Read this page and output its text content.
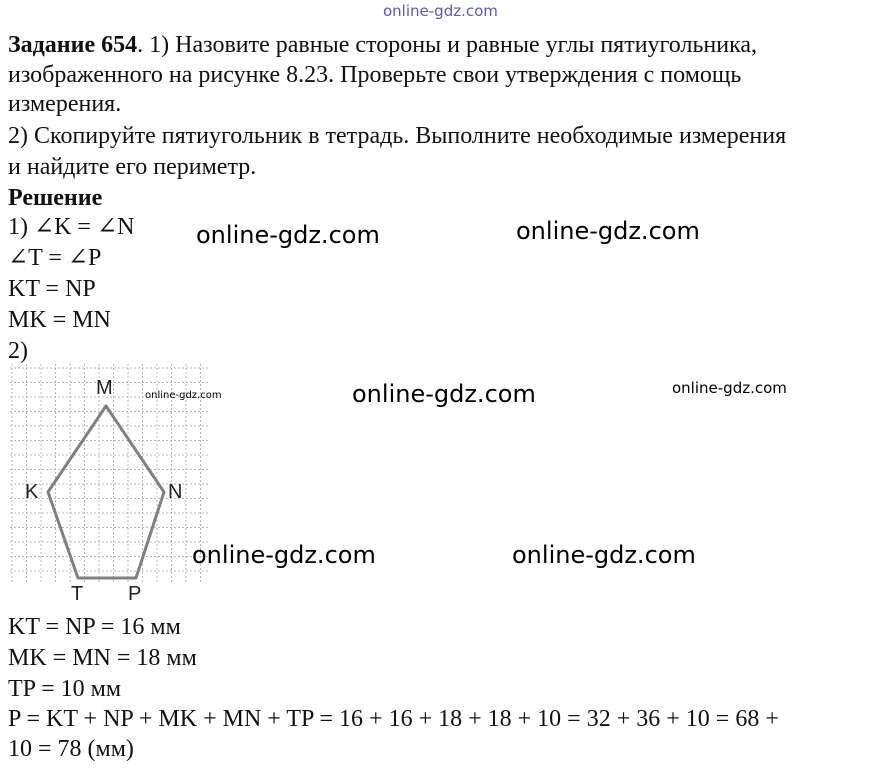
online-gdz.com
Задание 654. 1) Назовите равные стороны и равные углы пятиугольника,
изображенного на рисунке 8.23. Проверьте свои утверждения с помощь
измерения.
2) Скопируйте пятиугольник в тетрадь. Выполните необходимые измерения
и найдите его периметр.
Решение
1) ∠K = ∠N
∠T = ∠P
KT = NP
MK = MN
2)
M
K	N
T P
KT = NP = 16 мм
MK = MN = 18 мм
TP = 10 мм
P = KT + NP + MK + MN + TP = 16 + 16 + 18 + 18 + 10 = 32 + 36 + 10 = 68 +
10 = 78 (мм)
online-gdz.com	online-gdz.com
online-gdz.com	online-gdz.com	online-gdz.com
online-gdz.com	online-gdz.com
